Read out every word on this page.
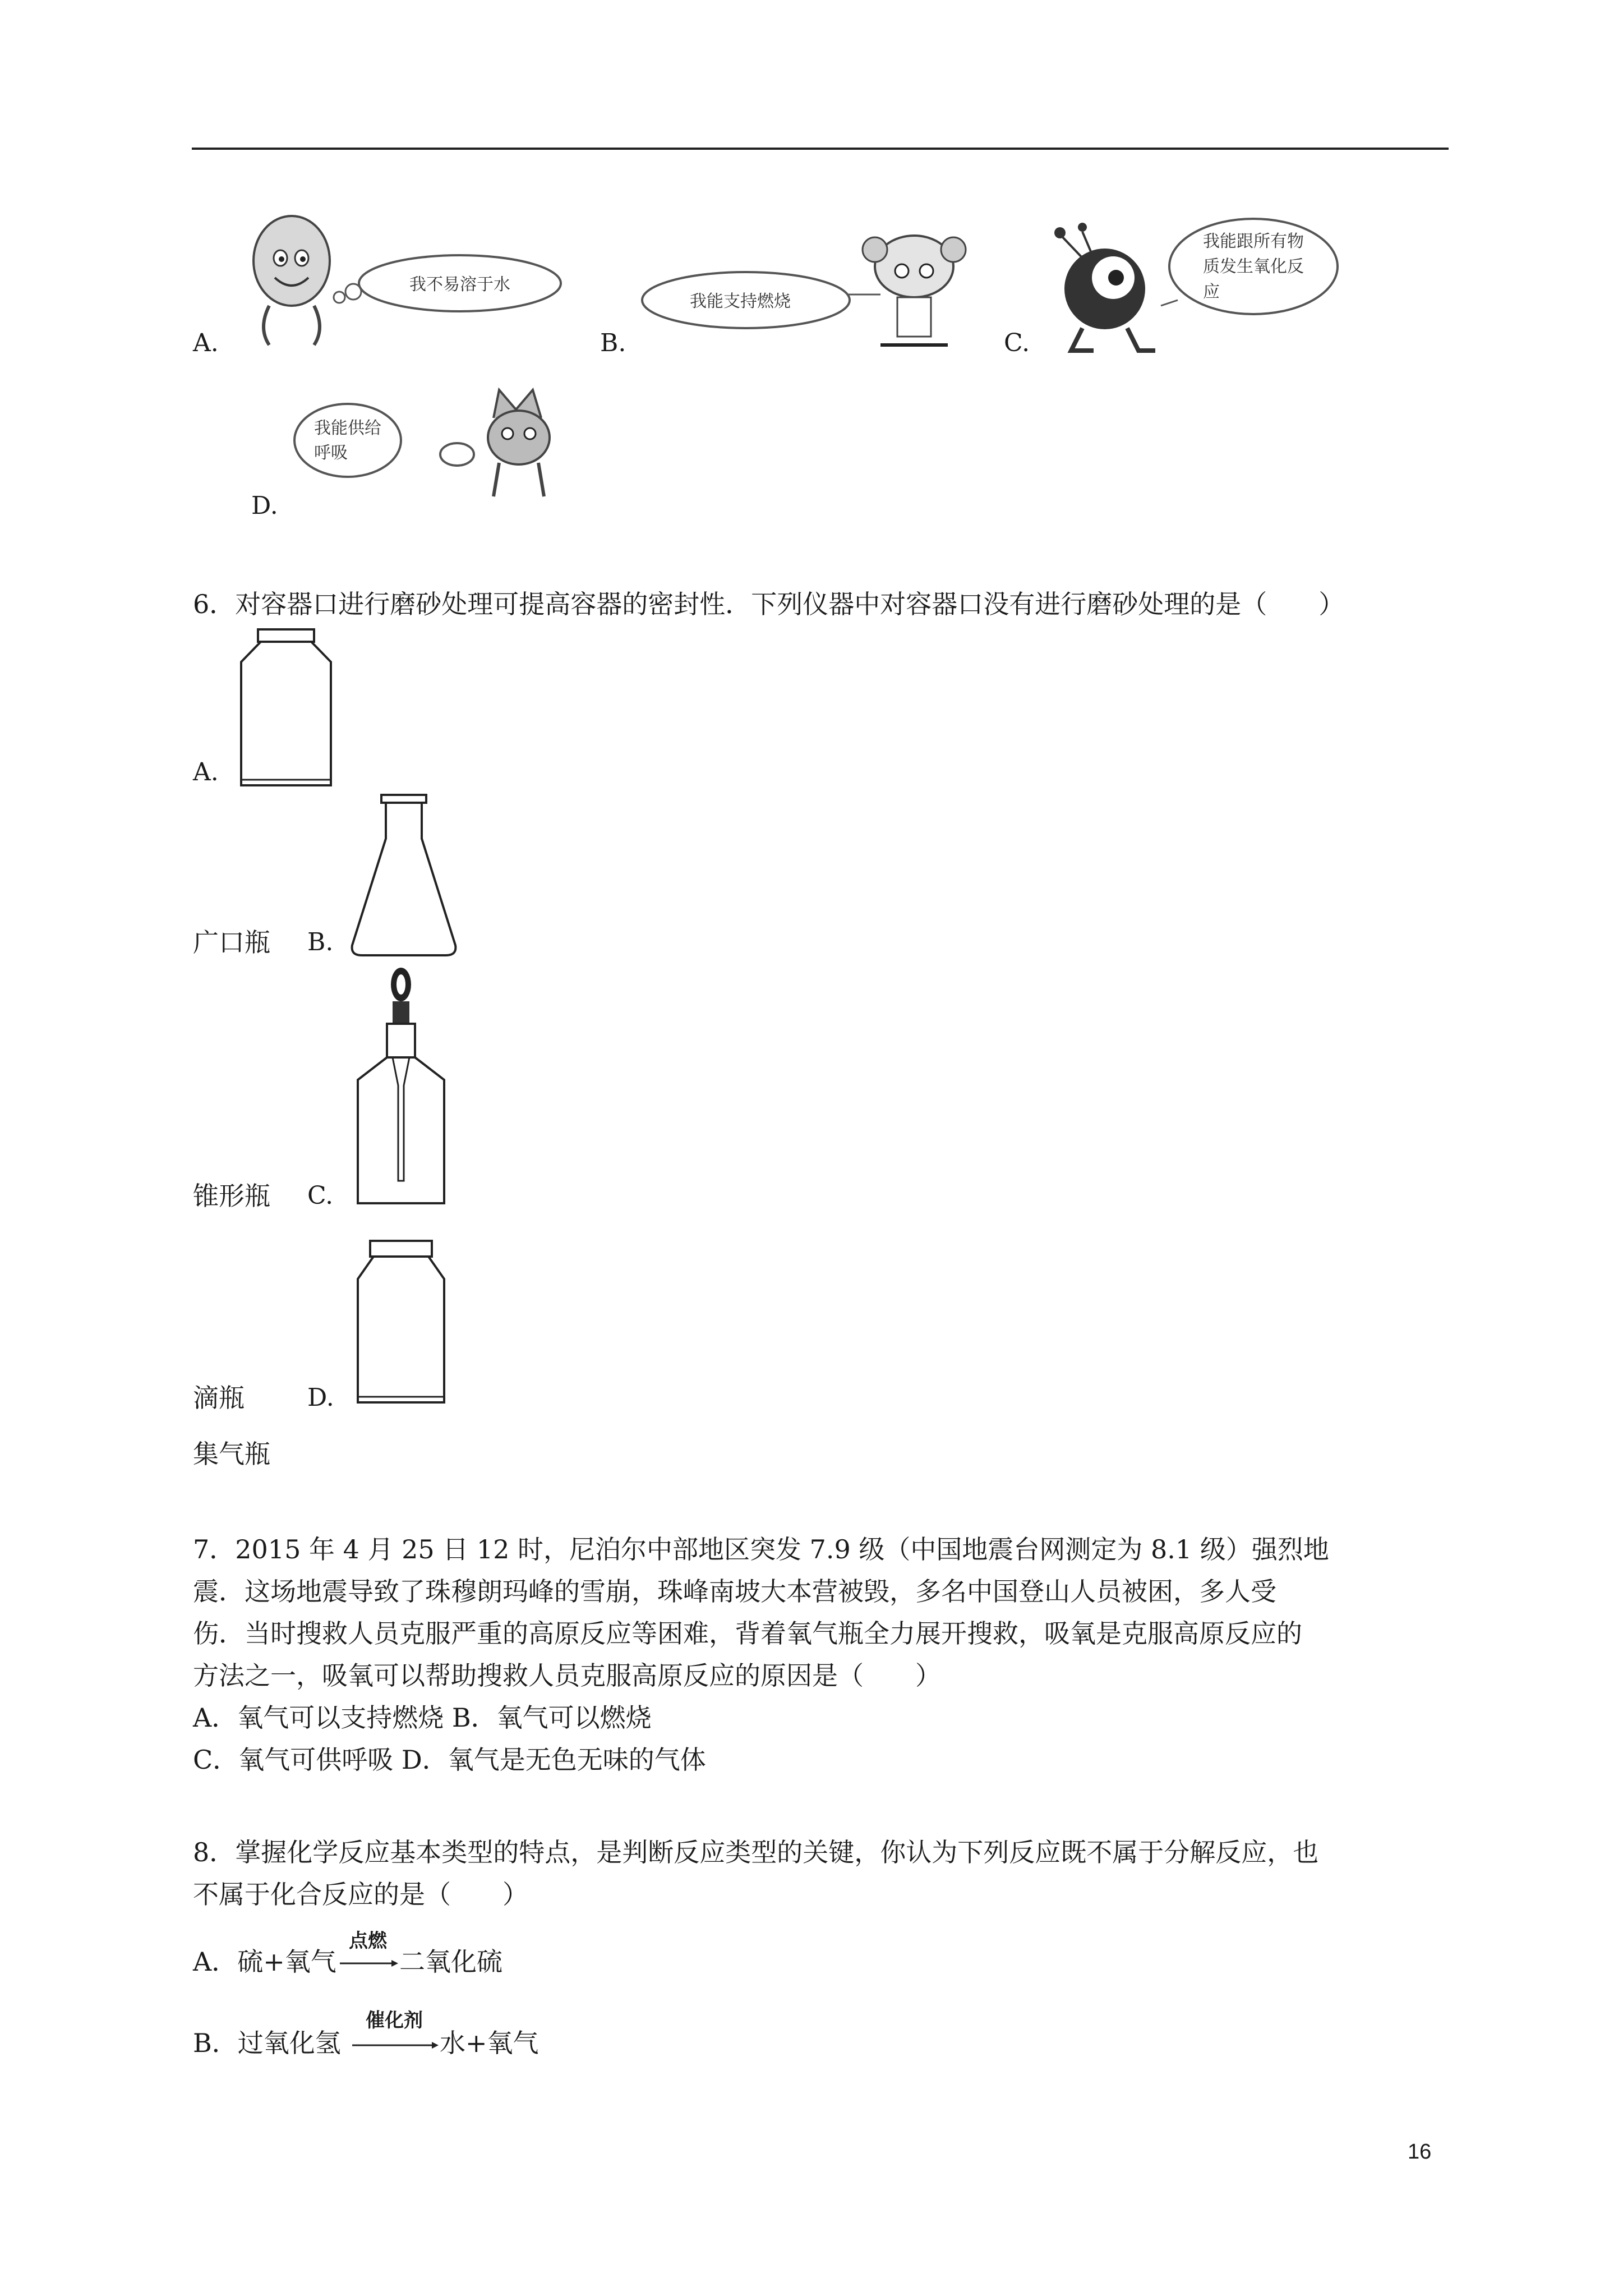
我不易溶于水
A.
我能支持燃烧
B.
我能跟所有物
质发生氧化反
应
C.
我能供给
呼吸
D.
6．对容器口进行磨砂处理可提高容器的密封性．下列仪器中对容器口没有进行磨砂处理的是（　　）
A.
广口瓶 B.
锥形瓶 C.
滴瓶	D.
集气瓶
7．2015 年 4 月 25 日 12 时，尼泊尔中部地区突发 7.9 级（中国地震台网测定为 8.1 级）强烈地
震．这场地震导致了珠穆朗玛峰的雪崩，珠峰南坡大本营被毁，多名中国登山人员被困，多人受
伤．当时搜救人员克服严重的高原反应等困难，背着氧气瓶全力展开搜救，吸氧是克服高原反应的
方法之一，吸氧可以帮助搜救人员克服高原反应的原因是（　　）
A．氧气可以支持燃烧 B．氧气可以燃烧
C．氧气可供呼吸 D．氧气是无色无味的气体
8．掌握化学反应基本类型的特点，是判断反应类型的关键，你认为下列反应既不属于分解反应，也
不属于化合反应的是（　　）
A．硫+氧气
点燃
二氧化硫
B．过氧化氢
催化剂
水+氧气
16
